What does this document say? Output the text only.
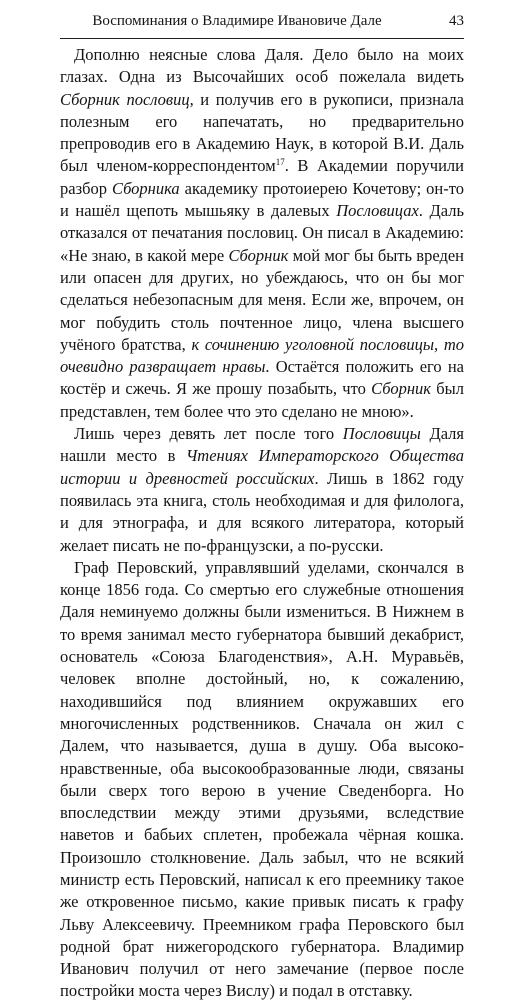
Воспоминания о Владимире Ивановиче Дале	43

Дополню неясные слова Даля. Дело было на моих глазах. Одна из Высочайших особ пожелала видеть Сборник пословиц, и получив его в рукописи, признала полезным его напечатать, но предварительно препроводив его в Академию Наук, в которой В.И. Даль был членом-корреспондентом$^{17}$. В Академии поручили разбор Сборника академику протоиерею Кочетову; он-то и нашёл щепоть мышьяку в далевых Пословицах. Даль отказался от печатания пословиц. Он писал в Академию: «Не знаю, в какой мере Сборник мой мог бы быть вреден или опасен для других, но убеждаюсь, что он бы мог сделаться небезопасным для меня. Если же, впрочем, он мог побудить столь почтенное лицо, члена высшего учёного братства, к сочинению уголовной пословицы, то очевидно развращает нравы. Остаётся положить его на костёр и сжечь. Я же прошу позабыть, что Сборник был представлен, тем более что это сделано не мною».

Лишь через девять лет после того Пословицы Даля нашли место в Чтениях Императорского Общества истории и древностей российских. Лишь в 1862 году появилась эта книга, столь необходимая и для филолога, и для этнографа, и для всякого литератора, который желает писать не по-французски, а по-русски.

Граф Перовский, управлявший уделами, скончался в конце 1856 года. Со смертью его служебные отношения Даля неминуемо должны были измениться. В Нижнем в то время занимал место губернатора бывший декабрист, основатель «Союза Благоденствия», А.Н. Муравьёв, человек вполне достойный, но, к сожалению, находившийся под влиянием окружавших его многочисленных родственников. Сначала он жил с Далем, что называется, душа в душу. Оба высоко-нравственные, оба высокообразованные люди, связаны были сверх того верою в учение Сведенборга. Но впоследствии между этими друзьями, вследствие наветов и бабьих сплетен, пробежала чёрная кошка. Произошло столкновение. Даль забыл, что не всякий министр есть Перовский, написал к его преемнику такое же откровенное письмо, какие привык писать к графу Льву Алексеевичу. Преемником графа Перовского был родной брат нижегородского губернатора. Владимир Иванович получил от него замечание (первое после постройки моста через Вислу) и подал в отставку.
